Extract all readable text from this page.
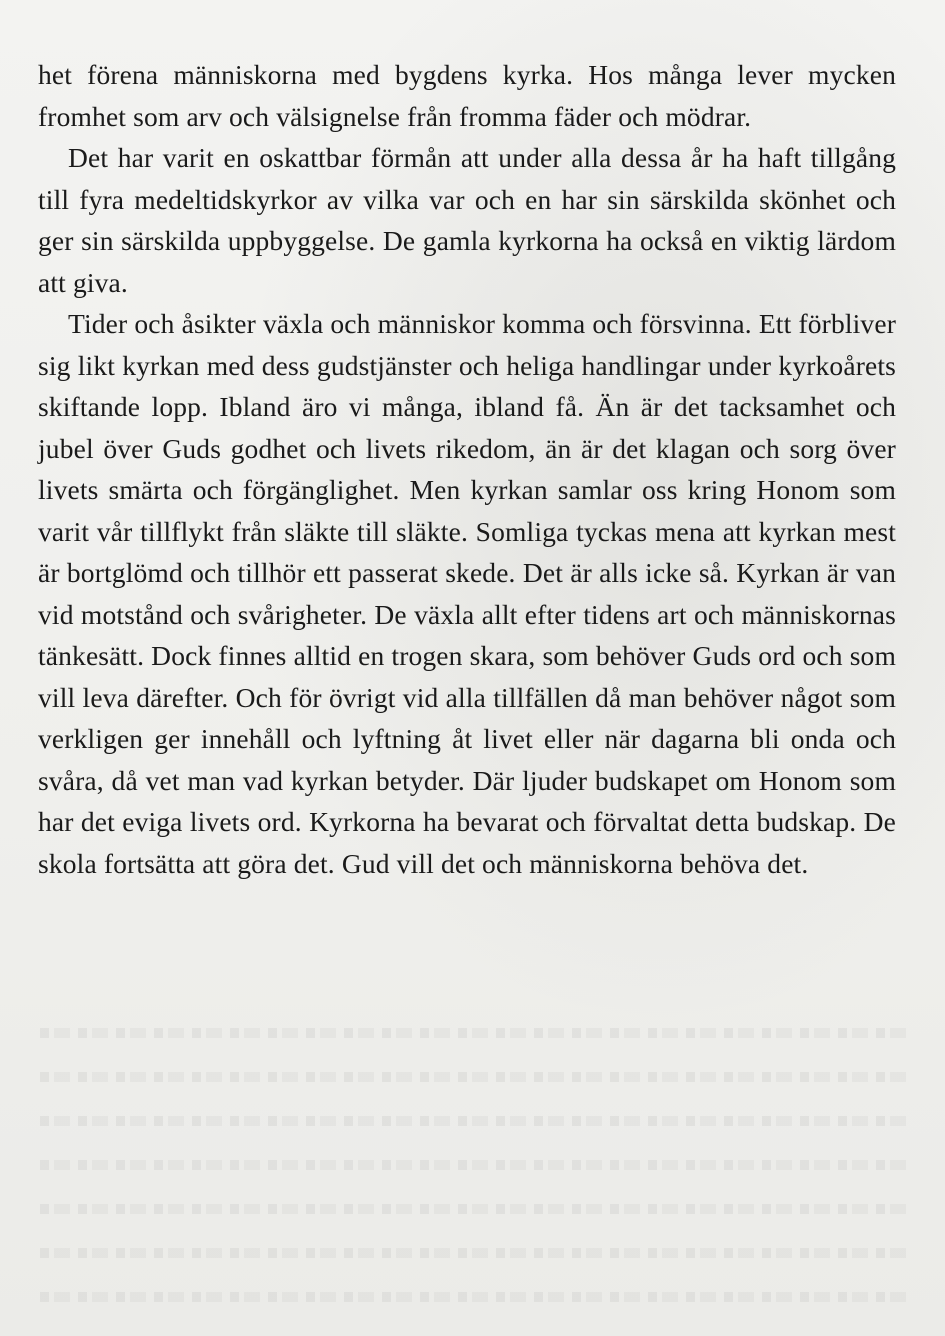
het förena människorna med bygdens kyrka. Hos många lever mycken fromhet som arv och välsignelse från fromma fäder och mödrar.

Det har varit en oskattbar förmån att under alla dessa år ha haft tillgång till fyra medeltidskyrkor av vilka var och en har sin särskilda skönhet och ger sin särskilda uppbyggelse. De gamla kyrkorna ha också en viktig lärdom att giva.

Tider och åsikter växla och människor komma och försvinna. Ett förbliver sig likt kyrkan med dess gudstjänster och heliga handlingar under kyrkoårets skiftande lopp. Ibland äro vi många, ibland få. Än är det tacksamhet och jubel över Guds godhet och livets rikedom, än är det klagan och sorg över livets smärta och förgänglighet. Men kyrkan samlar oss kring Honom som varit vår tillflykt från släkte till släkte. Somliga tyckas mena att kyrkan mest är bortglömd och tillhör ett passerat skede. Det är alls icke så. Kyrkan är van vid motstånd och svårigheter. De växla allt efter tidens art och människornas tänkesätt. Dock finnes alltid en trogen skara, som behöver Guds ord och som vill leva därefter. Och för övrigt vid alla tillfällen då man behöver något som verkligen ger innehåll och lyftning åt livet eller när dagarna bli onda och svåra, då vet man vad kyrkan betyder. Där ljuder budskapet om Honom som har det eviga livets ord. Kyrkorna ha bevarat och förvaltat detta budskap. De skola fortsätta att göra det. Gud vill det och människorna behöva det.
